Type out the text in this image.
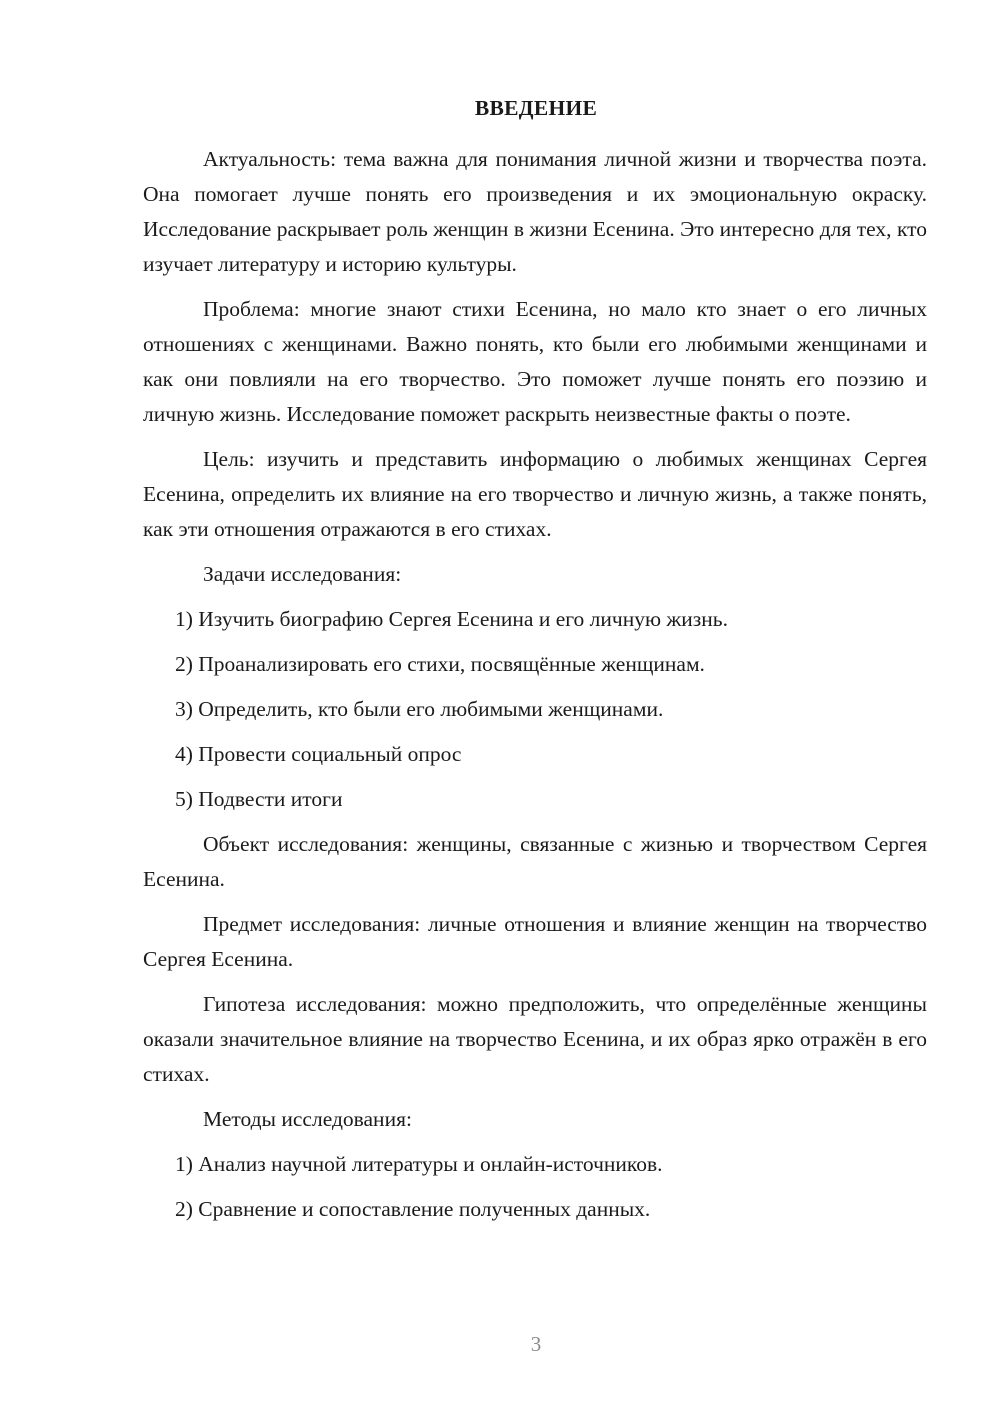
ВВЕДЕНИЕ

Актуальность: тема важна для понимания личной жизни и творчества поэта. Она помогает лучше понять его произведения и их эмоциональную окраску. Исследование раскрывает роль женщин в жизни Есенина. Это интересно для тех, кто изучает литературу и историю культуры.

Проблема: многие знают стихи Есенина, но мало кто знает о его личных отношениях с женщинами. Важно понять, кто были его любимыми женщинами и как они повлияли на его творчество. Это поможет лучше понять его поэзию и личную жизнь. Исследование поможет раскрыть неизвестные факты о поэте.

Цель: изучить и представить информацию о любимых женщинах Сергея Есенина, определить их влияние на его творчество и личную жизнь, а также понять, как эти отношения отражаются в его стихах.

Задачи исследования:

1) Изучить биографию Сергея Есенина и его личную жизнь.

2) Проанализировать его стихи, посвящённые женщинам.

3) Определить, кто были его любимыми женщинами.

4) Провести социальный опрос

5) Подвести итоги

Объект исследования: женщины, связанные с жизнью и творчеством Сергея Есенина.

Предмет исследования: личные отношения и влияние женщин на творчество Сергея Есенина.

Гипотеза исследования: можно предположить, что определённые женщины оказали значительное влияние на творчество Есенина, и их образ ярко отражён в его стихах.

Методы исследования:

1) Анализ научной литературы и онлайн-источников.

2) Сравнение и сопоставление полученных данных.

3
